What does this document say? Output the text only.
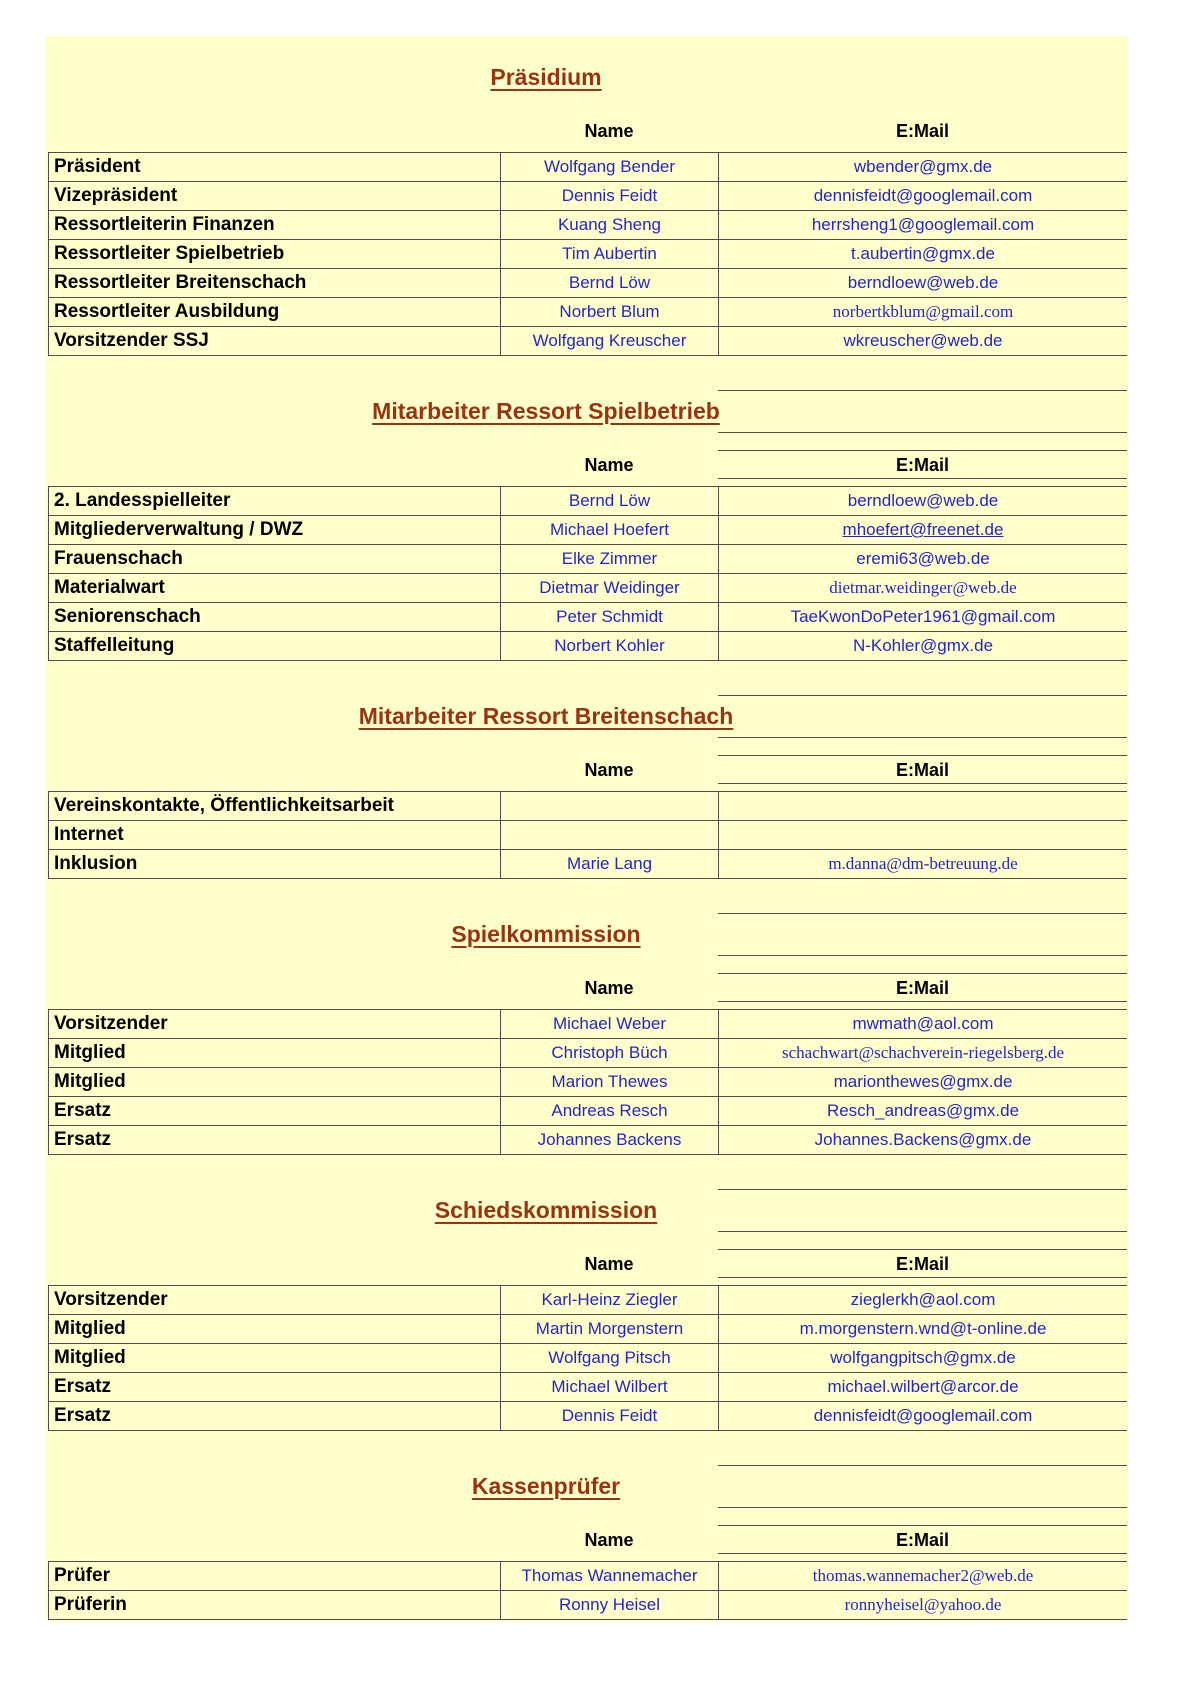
Präsidium
Name	E:Mail
Präsident	Wolfgang Bender	wbender@gmx.de
Vizepräsident	Dennis Feidt	dennisfeidt@googlemail.com
Ressortleiterin Finanzen	Kuang Sheng	herrsheng1@googlemail.com
Ressortleiter Spielbetrieb	Tim Aubertin	t.aubertin@gmx.de
Ressortleiter Breitenschach	Bernd Löw	berndloew@web.de
Ressortleiter Ausbildung	Norbert Blum	norbertkblum@gmail.com
Vorsitzender SSJ	Wolfgang Kreuscher	wkreuscher@web.de
Mitarbeiter Ressort Spielbetrieb
Name	E:Mail
2. Landesspielleiter	Bernd Löw	berndloew@web.de
Mitgliederverwaltung / DWZ	Michael Hoefert	mhoefert@freenet.de
Frauenschach	Elke Zimmer	eremi63@web.de
Materialwart	Dietmar Weidinger	dietmar.weidinger@web.de
Seniorenschach	Peter Schmidt	TaeKwonDoPeter1961@gmail.com
Staffelleitung	Norbert Kohler	N-Kohler@gmx.de
Mitarbeiter Ressort Breitenschach
Name	E:Mail
Vereinskontakte, Öffentlichkeitsarbeit
Internet
Inklusion	Marie Lang	m.danna@dm-betreuung.de
Spielkommission
Name	E:Mail
Vorsitzender	Michael Weber	mwmath@aol.com
Mitglied	Christoph Büch	schachwart@schachverein-riegelsberg.de
Mitglied	Marion Thewes	marionthewes@gmx.de
Ersatz	Andreas Resch	Resch_andreas@gmx.de
Ersatz	Johannes Backens	Johannes.Backens@gmx.de
Schiedskommission
Name	E:Mail
Vorsitzender	Karl-Heinz Ziegler	zieglerkh@aol.com
Mitglied	Martin Morgenstern	m.morgenstern.wnd@t-online.de
Mitglied	Wolfgang Pitsch	wolfgangpitsch@gmx.de
Ersatz	Michael Wilbert	michael.wilbert@arcor.de
Ersatz	Dennis Feidt	dennisfeidt@googlemail.com
Kassenprüfer
Name	E:Mail
Prüfer	Thomas Wannemacher	thomas.wannemacher2@web.de
Prüferin	Ronny Heisel	ronnyheisel@yahoo.de
